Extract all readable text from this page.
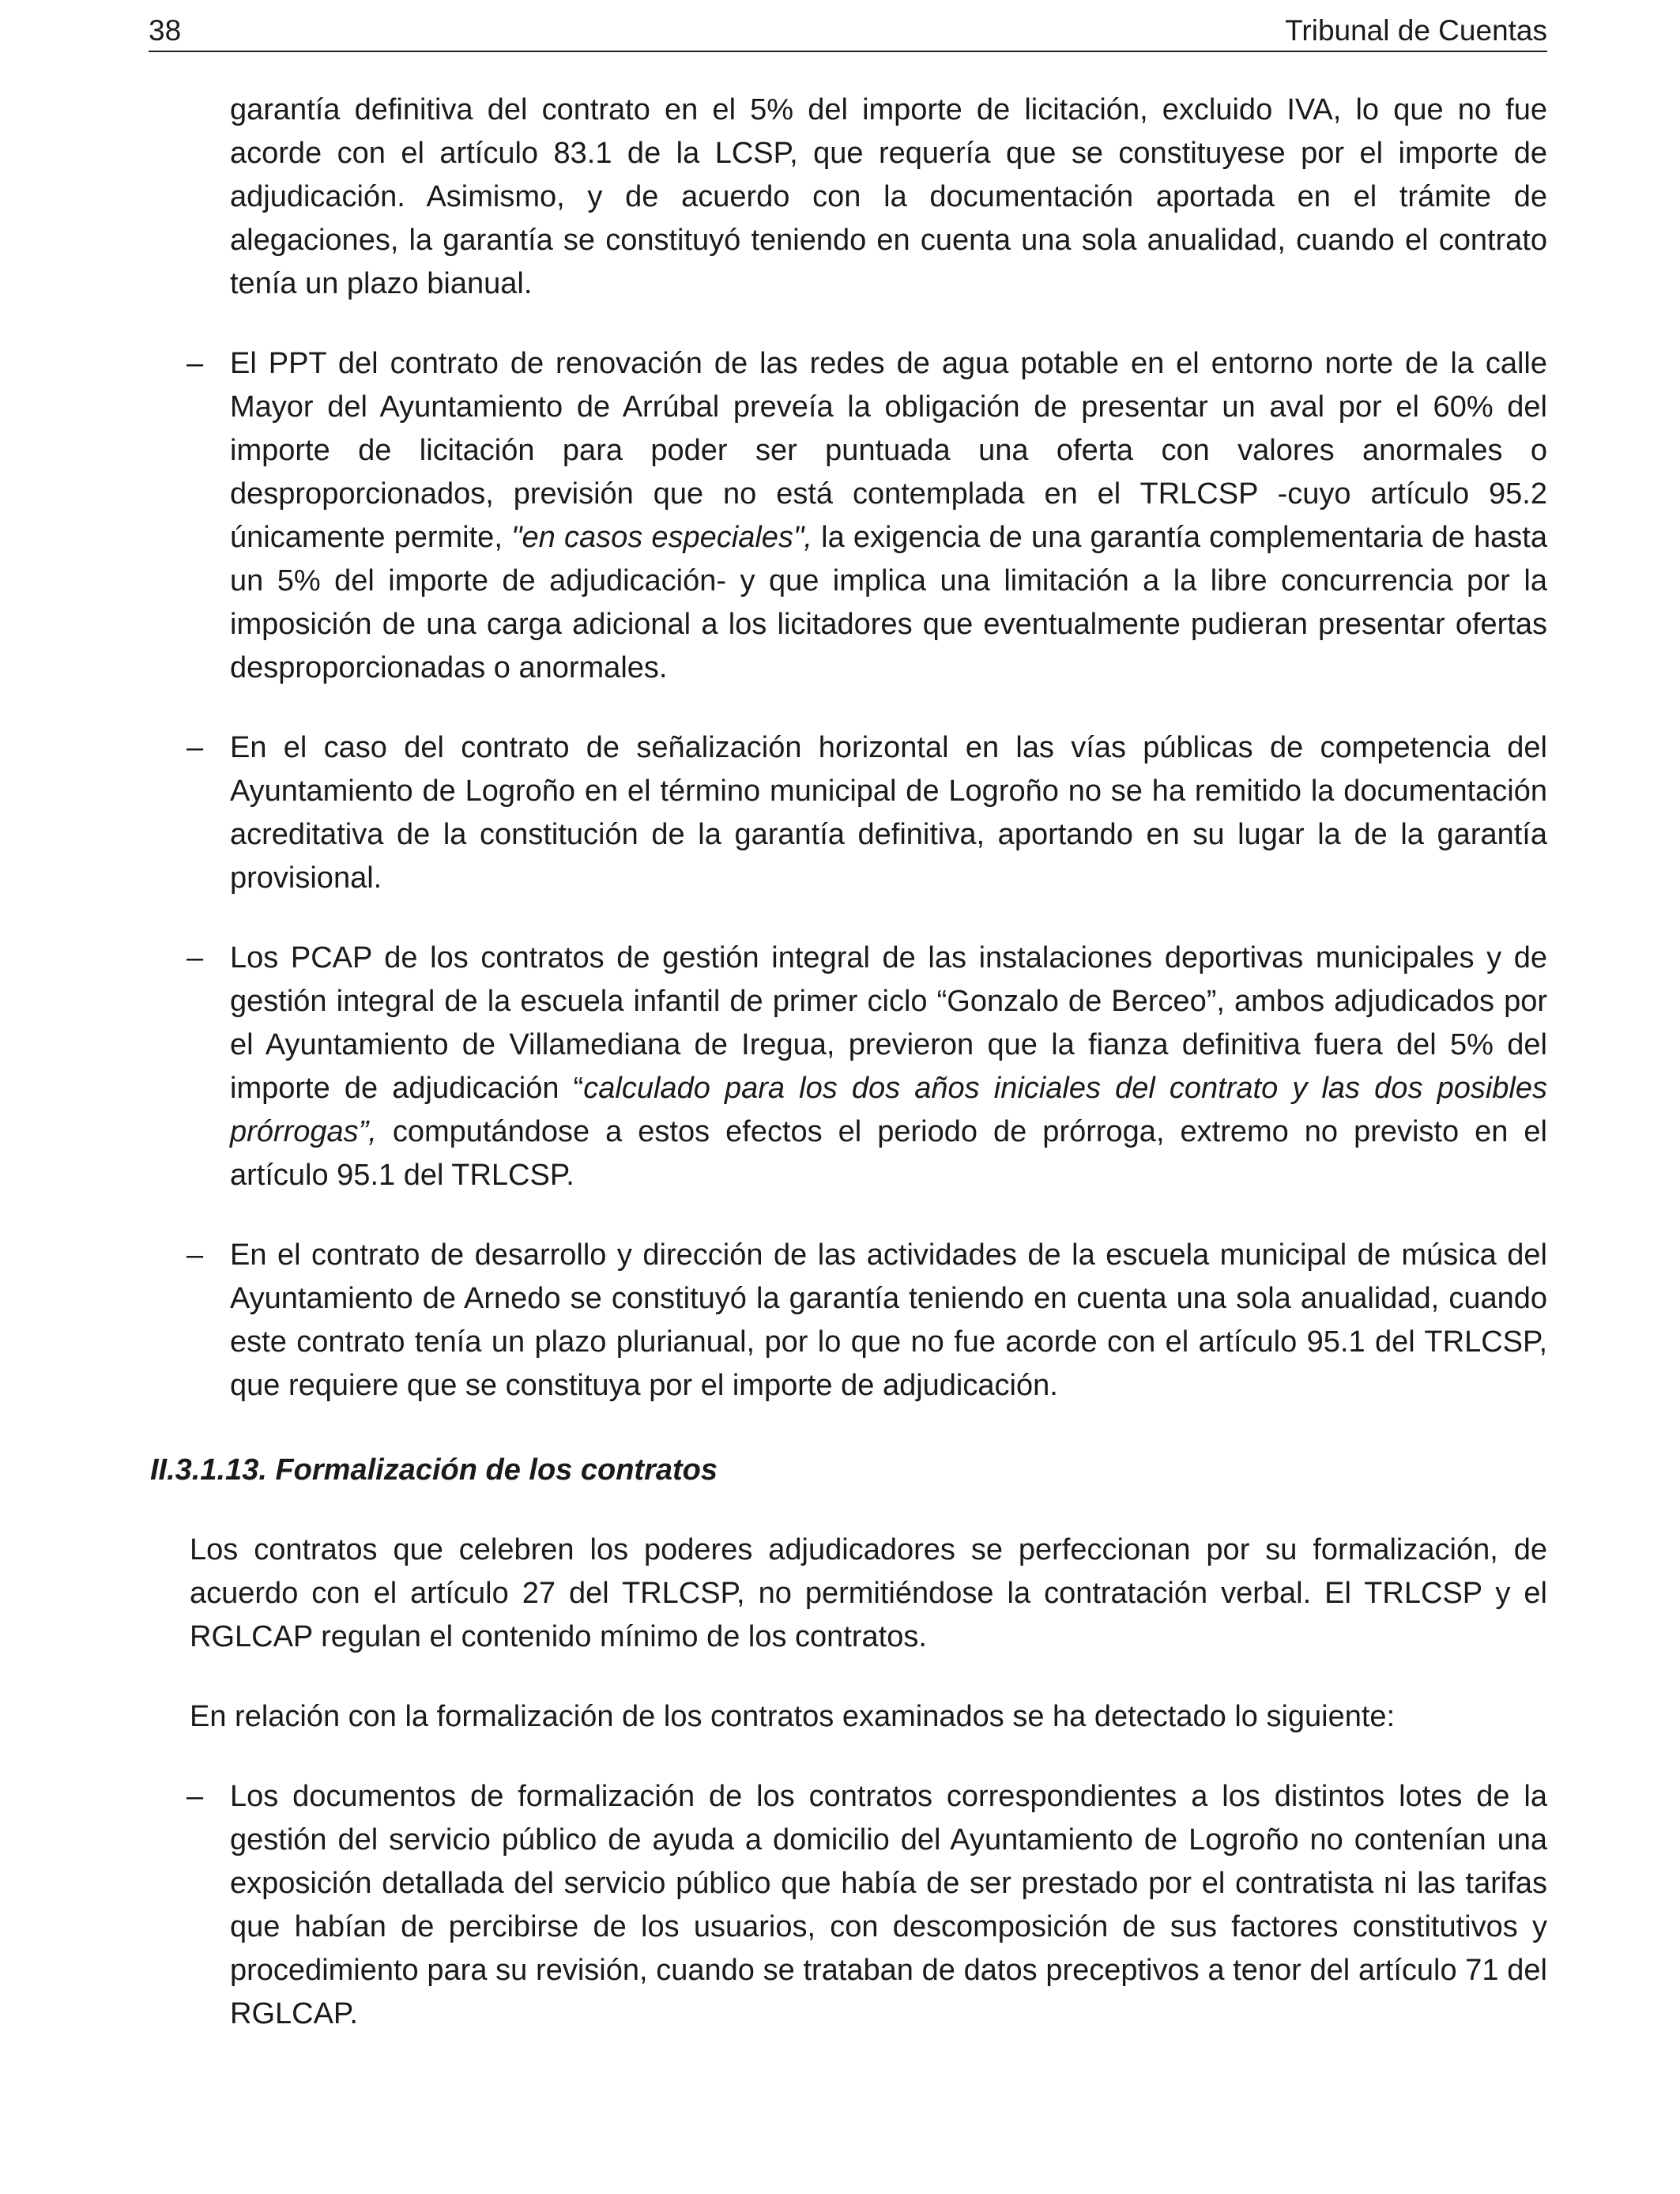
38	Tribunal de Cuentas

garantía definitiva del contrato en el 5% del importe de licitación, excluido IVA, lo que no fue acorde con el artículo 83.1 de la LCSP, que requería que se constituyese por el importe de adjudicación. Asimismo, y de acuerdo con la documentación aportada en el trámite de alegaciones, la garantía se constituyó teniendo en cuenta una sola anualidad, cuando el contrato tenía un plazo bianual.

– El PPT del contrato de renovación de las redes de agua potable en el entorno norte de la calle Mayor del Ayuntamiento de Arrúbal preveía la obligación de presentar un aval por el 60% del importe de licitación para poder ser puntuada una oferta con valores anormales o desproporcionados, previsión que no está contemplada en el TRLCSP -cuyo artículo 95.2 únicamente permite, "en casos especiales", la exigencia de una garantía complementaria de hasta un 5% del importe de adjudicación- y que implica una limitación a la libre concurrencia por la imposición de una carga adicional a los licitadores que eventualmente pudieran presentar ofertas desproporcionadas o anormales.

– En el caso del contrato de señalización horizontal en las vías públicas de competencia del Ayuntamiento de Logroño en el término municipal de Logroño no se ha remitido la documentación acreditativa de la constitución de la garantía definitiva, aportando en su lugar la de la garantía provisional.

– Los PCAP de los contratos de gestión integral de las instalaciones deportivas municipales y de gestión integral de la escuela infantil de primer ciclo “Gonzalo de Berceo”, ambos adjudicados por el Ayuntamiento de Villamediana de Iregua, previeron que la fianza definitiva fuera del 5% del importe de adjudicación “calculado para los dos años iniciales del contrato y las dos posibles prórrogas”, computándose a estos efectos el periodo de prórroga, extremo no previsto en el artículo 95.1 del TRLCSP.

– En el contrato de desarrollo y dirección de las actividades de la escuela municipal de música del Ayuntamiento de Arnedo se constituyó la garantía teniendo en cuenta una sola anualidad, cuando este contrato tenía un plazo plurianual, por lo que no fue acorde con el artículo 95.1 del TRLCSP, que requiere que se constituya por el importe de adjudicación.

II.3.1.13. Formalización de los contratos

Los contratos que celebren los poderes adjudicadores se perfeccionan por su formalización, de acuerdo con el artículo 27 del TRLCSP, no permitiéndose la contratación verbal. El TRLCSP y el RGLCAP regulan el contenido mínimo de los contratos.

En relación con la formalización de los contratos examinados se ha detectado lo siguiente:

– Los documentos de formalización de los contratos correspondientes a los distintos lotes de la gestión del servicio público de ayuda a domicilio del Ayuntamiento de Logroño no contenían una exposición detallada del servicio público que había de ser prestado por el contratista ni las tarifas que habían de percibirse de los usuarios, con descomposición de sus factores constitutivos y procedimiento para su revisión, cuando se trataban de datos preceptivos a tenor del artículo 71 del RGLCAP.
